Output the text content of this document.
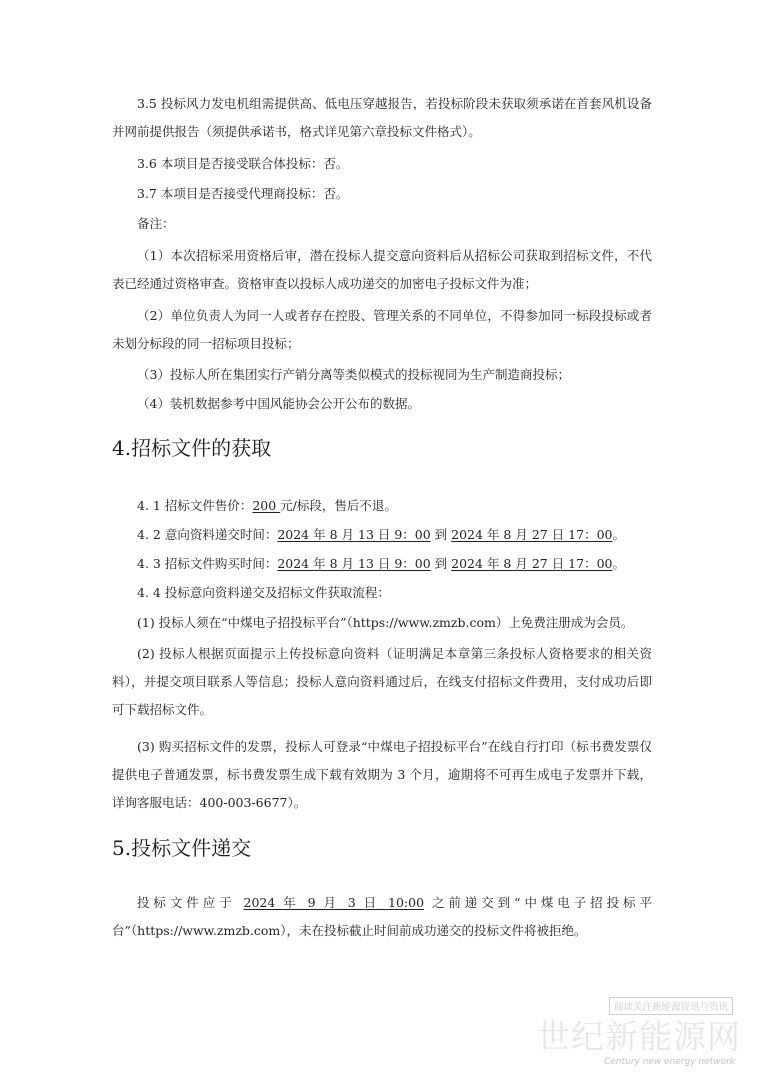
3.5 投标风力发电机组需提供高、低电压穿越报告，若投标阶段未获取须承诺在首套风机设备并网前提供报告（须提供承诺书，格式详见第六章投标文件格式）。

3.6 本项目是否接受联合体投标：否。

3.7 本项目是否接受代理商投标：否。

备注：

（1）本次招标采用资格后审，潜在投标人提交意向资料后从招标公司获取到招标文件，不代表已经通过资格审查。资格审查以投标人成功递交的加密电子投标文件为准；

（2）单位负责人为同一人或者存在控股、管理关系的不同单位，不得参加同一标段投标或者未划分标段的同一招标项目投标；

（3）投标人所在集团实行产销分离等类似模式的投标视同为生产制造商投标；

（4）装机数据参考中国风能协会公开公布的数据。

4.招标文件的获取

4. 1 招标文件售价：200 元/标段，售后不退。

4. 2 意向资料递交时间：2024 年 8 月 13 日 9：00 到 2024 年 8 月 27 日 17：00。

4. 3 招标文件购买时间：2024 年 8 月 13 日 9：00 到 2024 年 8 月 27 日 17：00。

4. 4 投标意向资料递交及招标文件获取流程：

(1) 投标人须在“中煤电子招投标平台”（https://www.zmzb.com）上免费注册成为会员。

(2) 投标人根据页面提示上传投标意向资料（证明满足本章第三条投标人资格要求的相关资料），并提交项目联系人等信息；投标人意向资料通过后，在线支付招标文件费用，支付成功后即可下载招标文件。

(3) 购买招标文件的发票，投标人可登录“中煤电子招投标平台”在线自行打印（标书费发票仅提供电子普通发票，标书费发票生成下载有效期为 3 个月，逾期将不可再生成电子发票并下载，详询客服电话：400-003-6677）。

5.投标文件递交

投标文件应于 2024 年 9 月 3 日 10:00 之前递交到“中煤电子招投标平台”（https://www.zmzb.com），未在投标截止时间前成功递交的投标文件将被拒绝。

阅读关注新能源资讯与资讯
世纪新能源网
Century new energy network
